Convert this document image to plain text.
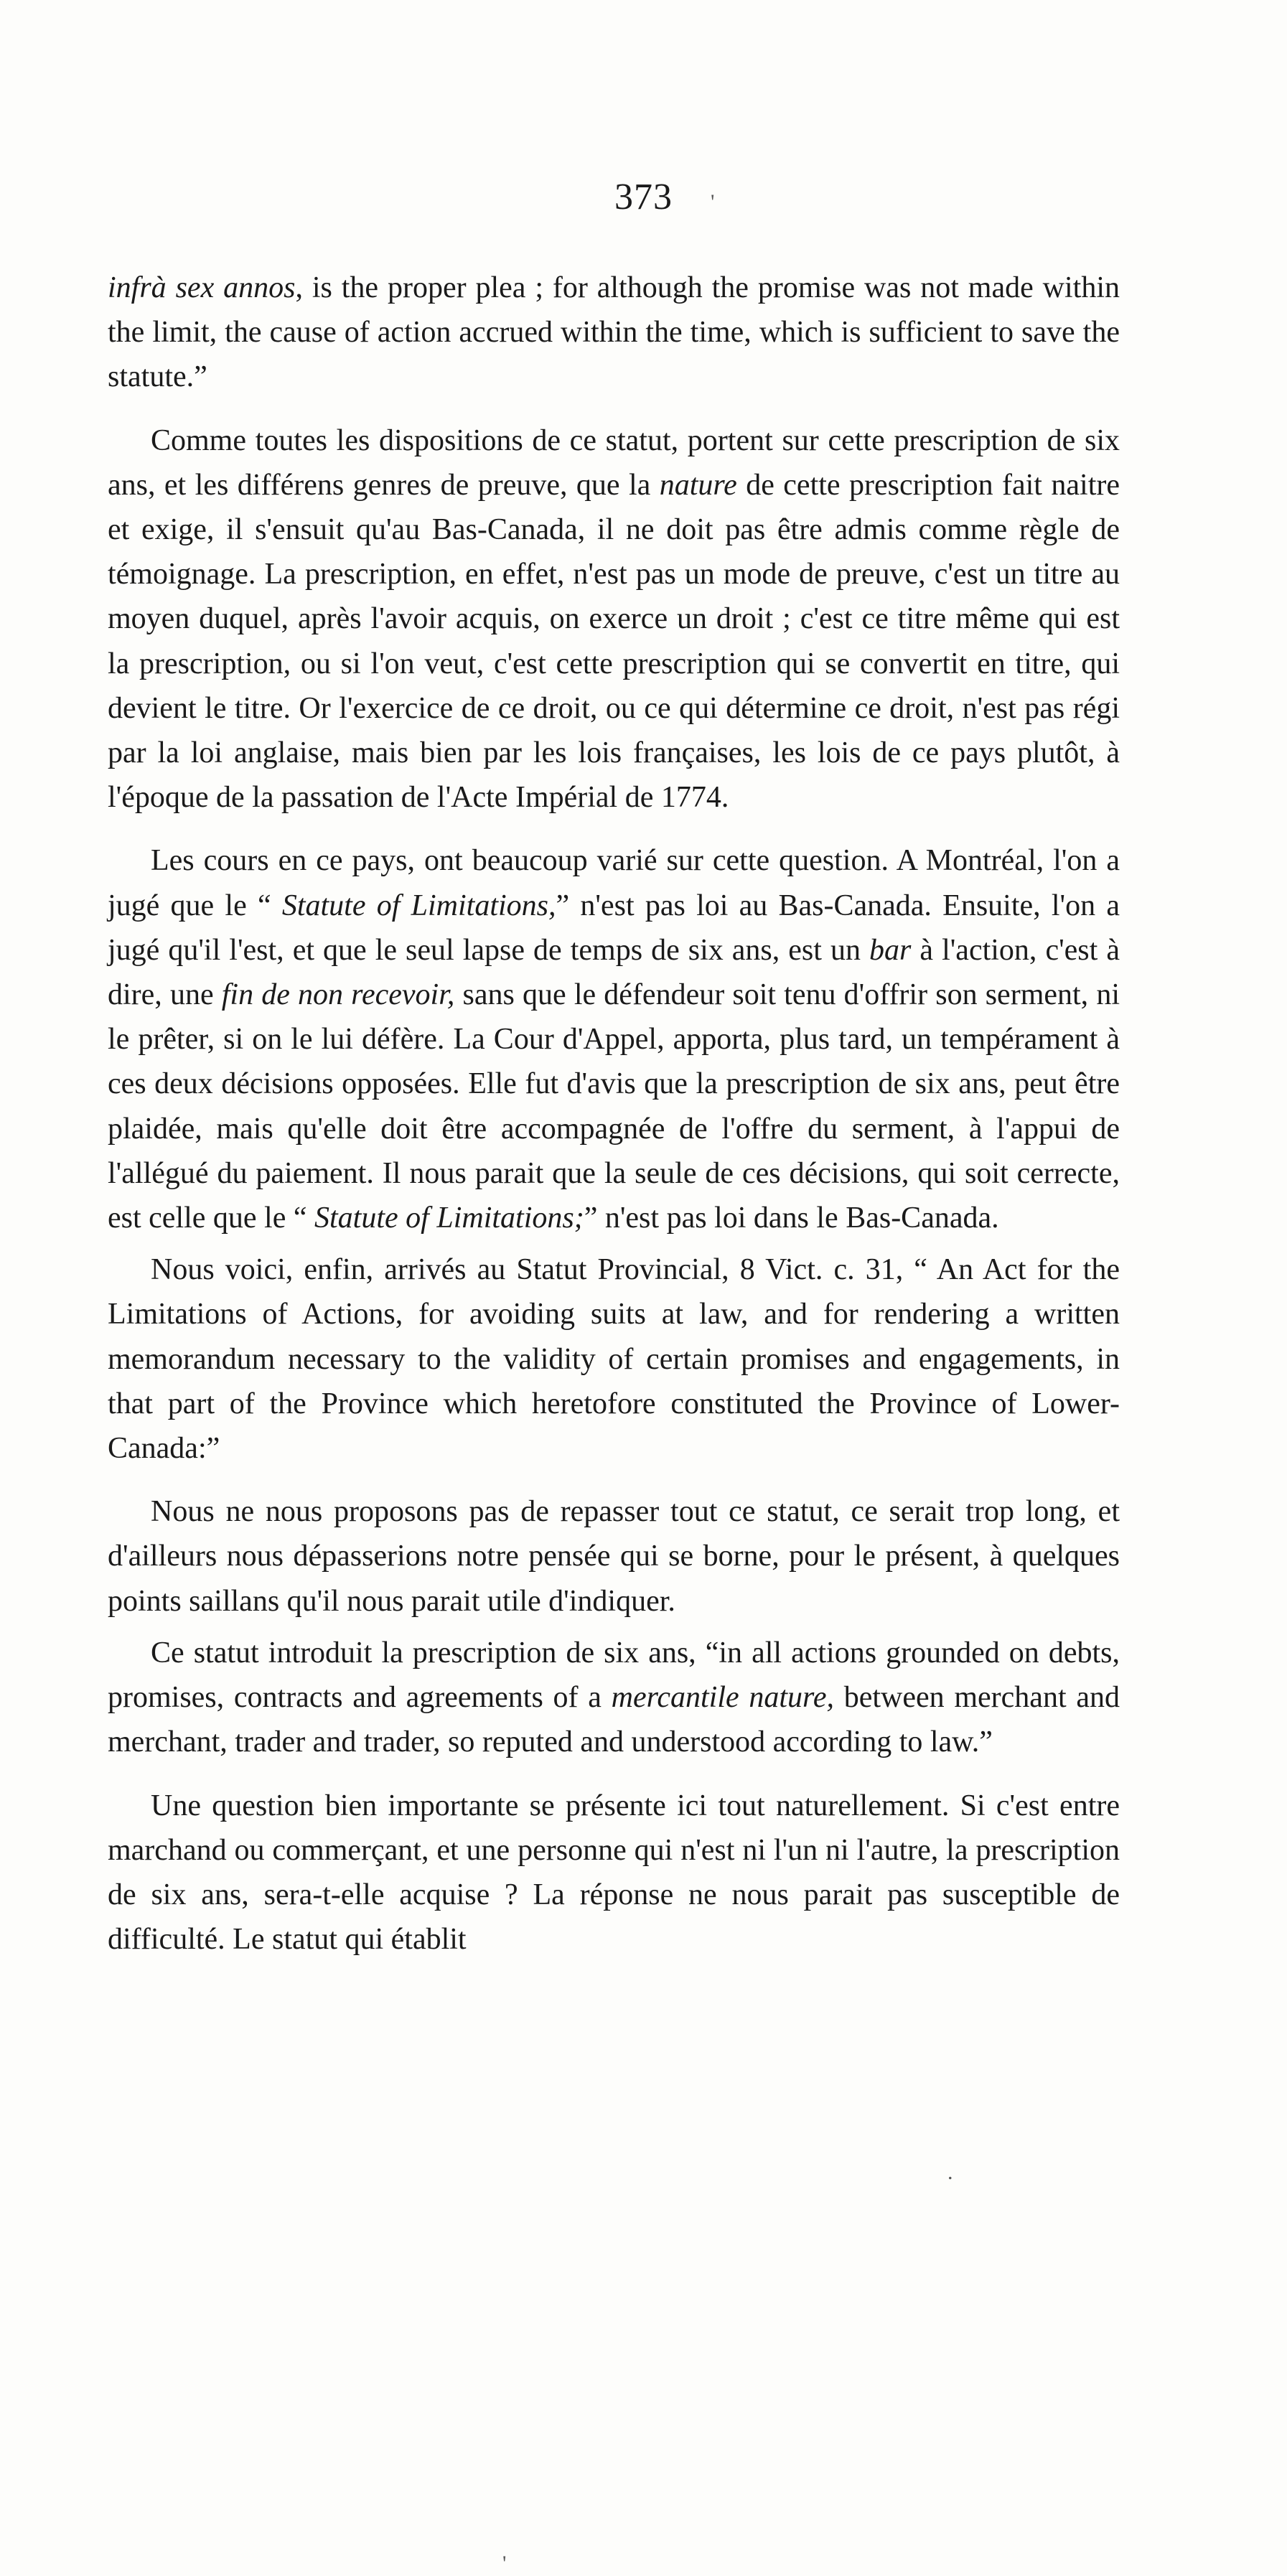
373

infrà sex annos, is the proper plea ; for although the promise was not made within the limit, the cause of action accrued within the time, which is sufficient to save the statute.”

Comme toutes les dispositions de ce statut, portent sur cette prescription de six ans, et les différens genres de preuve, que la nature de cette prescription fait naitre et exige, il s'ensuit qu'au Bas-Canada, il ne doit pas être admis comme règle de témoignage. La prescription, en effet, n'est pas un mode de preuve, c'est un titre au moyen duquel, après l'avoir acquis, on exerce un droit ; c'est ce titre même qui est la prescription, ou si l'on veut, c'est cette prescription qui se convertit en titre, qui devient le titre. Or l'exercice de ce droit, ou ce qui détermine ce droit, n'est pas régi par la loi anglaise, mais bien par les lois françaises, les lois de ce pays plutôt, à l'époque de la passation de l'Acte Impérial de 1774.

Les cours en ce pays, ont beaucoup varié sur cette question. A Montréal, l'on a jugé que le “ Statute of Limitations,” n'est pas loi au Bas-Canada. Ensuite, l'on a jugé qu'il l'est, et que le seul lapse de temps de six ans, est un bar à l'action, c'est à dire, une fin de non recevoir, sans que le défendeur soit tenu d'offrir son serment, ni le prêter, si on le lui défère. La Cour d'Appel, apporta, plus tard, un tempérament à ces deux décisions opposées. Elle fut d'avis que la prescription de six ans, peut être plaidée, mais qu'elle doit être accompagnée de l'offre du serment, à l'appui de l'allégué du paiement. Il nous parait que la seule de ces décisions, qui soit cerrecte, est celle que le “ Statute of Limitations;” n'est pas loi dans le Bas-Canada.

Nous voici, enfin, arrivés au Statut Provincial, 8 Vict. c. 31, “ An Act for the Limitations of Actions, for avoiding suits at law, and for rendering a written memorandum necessary to the validity of certain promises and engagements, in that part of the Province which heretofore constituted the Province of Lower-Canada:”

Nous ne nous proposons pas de repasser tout ce statut, ce serait trop long, et d'ailleurs nous dépasserions notre pensée qui se borne, pour le présent, à quelques points saillans qu'il nous parait utile d'indiquer.

Ce statut introduit la prescription de six ans, “in all actions grounded on debts, promises, contracts and agreements of a mercantile nature, between merchant and merchant, trader and trader, so reputed and understood according to law.”

Une question bien importante se présente ici tout naturellement. Si c'est entre marchand ou commerçant, et une personne qui n'est ni l'un ni l'autre, la prescription de six ans, sera-t-elle acquise ? La réponse ne nous parait pas susceptible de difficulté. Le statut qui établit

'
.
'
